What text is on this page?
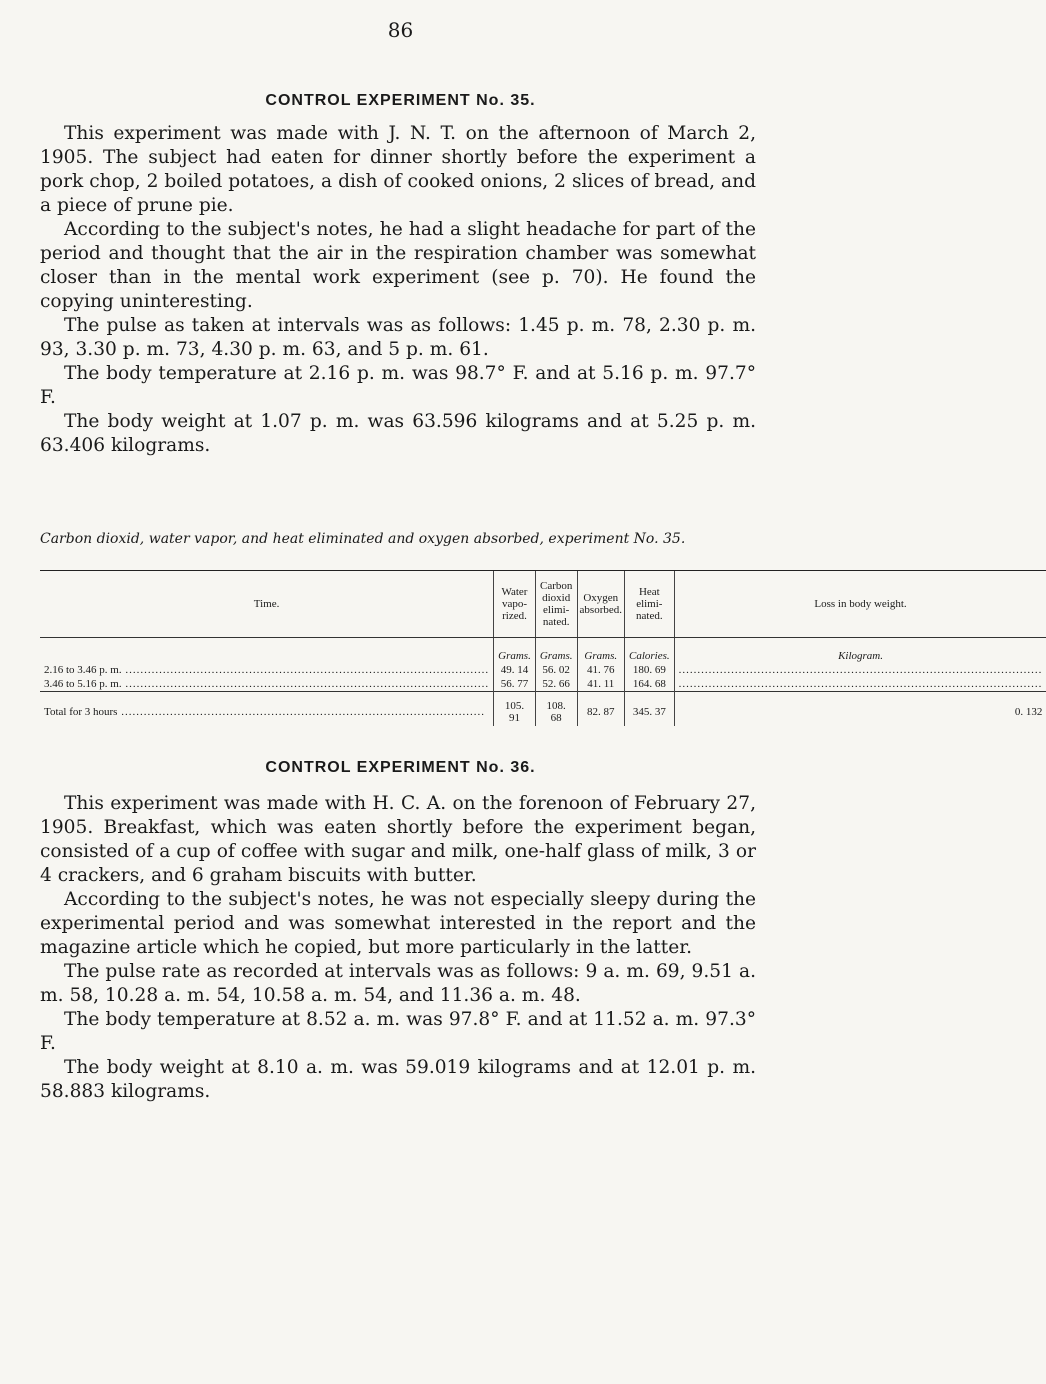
86
CONTROL EXPERIMENT No. 35.

This experiment was made with J. N. T. on the afternoon of March 2, 1905. The subject had eaten for dinner shortly before the experiment a pork chop, 2 boiled potatoes, a dish of cooked onions, 2 slices of bread, and a piece of prune pie.

According to the subject's notes, he had a slight headache for part of the period and thought that the air in the respiration chamber was somewhat closer than in the mental work experiment (see p. 70). He found the copying uninteresting.

The pulse as taken at intervals was as follows: 1.45 p. m. 78, 2.30 p. m. 93, 3.30 p. m. 73, 4.30 p. m. 63, and 5 p. m. 61.

The body temperature at 2.16 p. m. was 98.7° F. and at 5.16 p. m. 97.7° F.

The body weight at 1.07 p. m. was 63.596 kilograms and at 5.25 p. m. 63.406 kilograms.

Carbon dioxid, water vapor, and heat eliminated and oxygen absorbed, experiment No. 35.
Time.	Water vapo-rized.	Carbon dioxid elimi-nated.	Oxygen absorbed.	Heat elimi-nated.	Loss in body weight.
	Grams.	Grams.	Grams.	Calories.	Kilogram.
2.16 to 3.46 p. m. .....	49. 14	56. 02	41. 76	180. 69	.....
3.46 to 5.16 p. m. .....	56. 77	52. 66	41. 11	164. 68	.....
Total for 3 hours .....	105. 91	108. 68	82. 87	345. 37	0. 132
CONTROL EXPERIMENT No. 36.

This experiment was made with H. C. A. on the forenoon of February 27, 1905. Breakfast, which was eaten shortly before the experiment began, consisted of a cup of coffee with sugar and milk, one-half glass of milk, 3 or 4 crackers, and 6 graham biscuits with butter.

According to the subject's notes, he was not especially sleepy during the experimental period and was somewhat interested in the report and the magazine article which he copied, but more particularly in the latter.

The pulse rate as recorded at intervals was as follows: 9 a. m. 69, 9.51 a. m. 58, 10.28 a. m. 54, 10.58 a. m. 54, and 11.36 a. m. 48.

The body temperature at 8.52 a. m. was 97.8° F. and at 11.52 a. m. 97.3° F.

The body weight at 8.10 a. m. was 59.019 kilograms and at 12.01 p. m. 58.883 kilograms.
